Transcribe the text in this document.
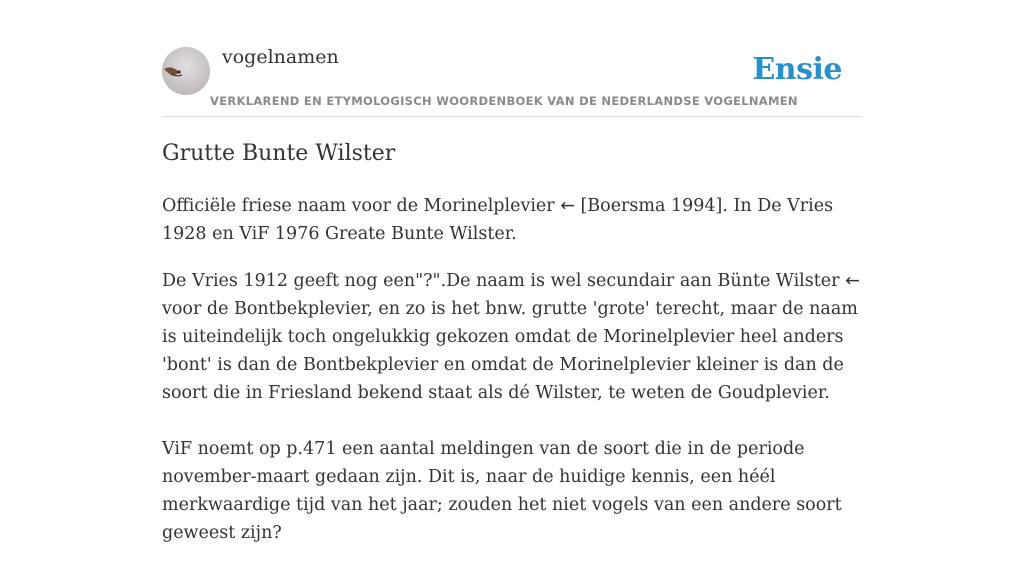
vogelnamen	Ensie
VERKLAREND EN ETYMOLOGISCH WOORDENBOEK VAN DE NEDERLANDSE VOGELNAMEN
Grutte Bunte Wilster

Officiële friese naam voor de Morinelplevier ← [Boersma 1994]. In De Vries 1928 en ViF 1976 Greate Bunte Wilster.

De Vries 1912 geeft nog een"?".De naam is wel secundair aan Bünte Wilster ← voor de Bontbekplevier, en zo is het bnw. grutte 'grote' terecht, maar de naam is uiteindelijk toch ongelukkig gekozen omdat de Morinelplevier heel anders 'bont' is dan de Bontbekplevier en omdat de Morinelplevier kleiner is dan de soort die in Friesland bekend staat als dé Wilster, te weten de Goudplevier.

ViF noemt op p.471 een aantal meldingen van de soort die in de periode november-maart gedaan zijn. Dit is, naar de huidige kennis, een héél merkwaardige tijd van het jaar; zouden het niet vogels van een andere soort geweest zijn?
